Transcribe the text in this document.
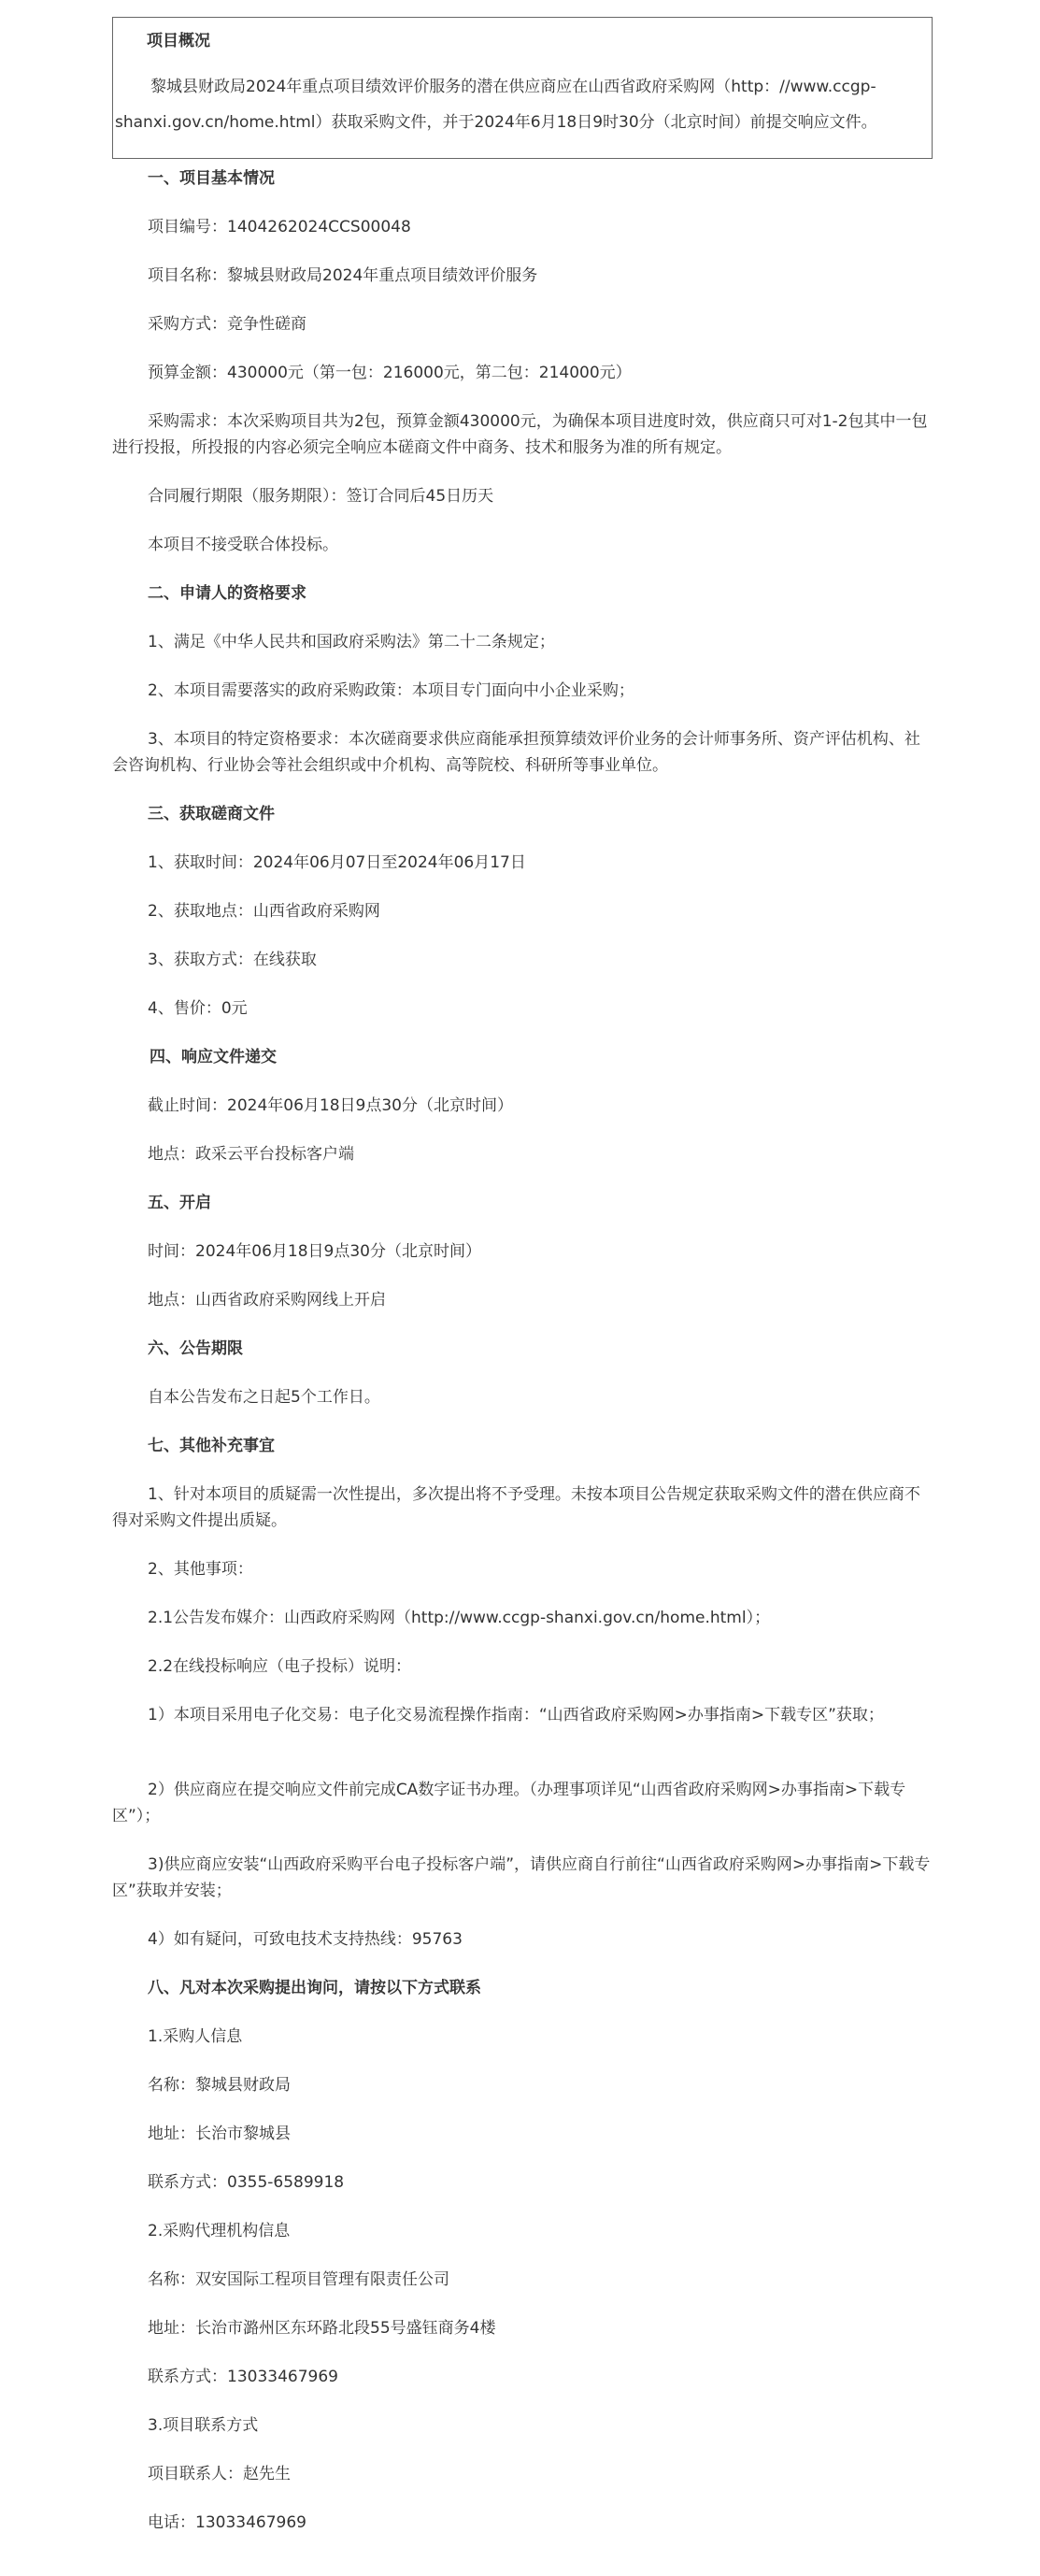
项目概况
黎城县财政局2024年重点项目绩效评价服务的潜在供应商应在山西省政府采购网（http：//www.ccgp-shanxi.gov.cn/home.html）获取采购文件，并于2024年6月18日9时30分（北京时间）前提交响应文件。
一、项目基本情况
项目编号：1404262024CCS00048
项目名称：黎城县财政局2024年重点项目绩效评价服务
采购方式：竞争性磋商
预算金额：430000元（第一包：216000元，第二包：214000元）
采购需求：本次采购项目共为2包，预算金额430000元，为确保本项目进度时效，供应商只可对1-2包其中一包进行投报，所投报的内容必须完全响应本磋商文件中商务、技术和服务为准的所有规定。
合同履行期限（服务期限）：签订合同后45日历天
本项目不接受联合体投标。
二、申请人的资格要求
1、满足《中华人民共和国政府采购法》第二十二条规定；
2、本项目需要落实的政府采购政策：本项目专门面向中小企业采购；
3、本项目的特定资格要求：本次磋商要求供应商能承担预算绩效评价业务的会计师事务所、资产评估机构、社会咨询机构、行业协会等社会组织或中介机构、高等院校、科研所等事业单位。
三、获取磋商文件
1、获取时间：2024年06月07日至2024年06月17日
2、获取地点：山西省政府采购网
3、获取方式：在线获取
4、售价：0元
四、响应文件递交
截止时间：2024年06月18日9点30分（北京时间）
地点：政采云平台投标客户端
五、开启
时间：2024年06月18日9点30分（北京时间）
地点：山西省政府采购网线上开启
六、公告期限
自本公告发布之日起5个工作日。
七、其他补充事宜
1、针对本项目的质疑需一次性提出，多次提出将不予受理。未按本项目公告规定获取采购文件的潜在供应商不得对采购文件提出质疑。
2、其他事项：
2.1公告发布媒介：山西政府采购网（http://www.ccgp-shanxi.gov.cn/home.html）；
2.2在线投标响应（电子投标）说明：
1）本项目采用电子化交易：电子化交易流程操作指南：“山西省政府采购网>办事指南>下载专区”获取；
2）供应商应在提交响应文件前完成CA数字证书办理。（办理事项详见“山西省政府采购网>办事指南>下载专区”）；
3)供应商应安装“山西政府采购平台电子投标客户端”，请供应商自行前往“山西省政府采购网>办事指南>下载专区”获取并安装；
4）如有疑问，可致电技术支持热线：95763
八、凡对本次采购提出询问，请按以下方式联系
1.采购人信息
名称：黎城县财政局
地址：长治市黎城县
联系方式：0355-6589918
2.采购代理机构信息
名称：双安国际工程项目管理有限责任公司
地址：长治市潞州区东环路北段55号盛钰商务4楼
联系方式：13033467969
3.项目联系方式
项目联系人：赵先生
电话：13033467969
